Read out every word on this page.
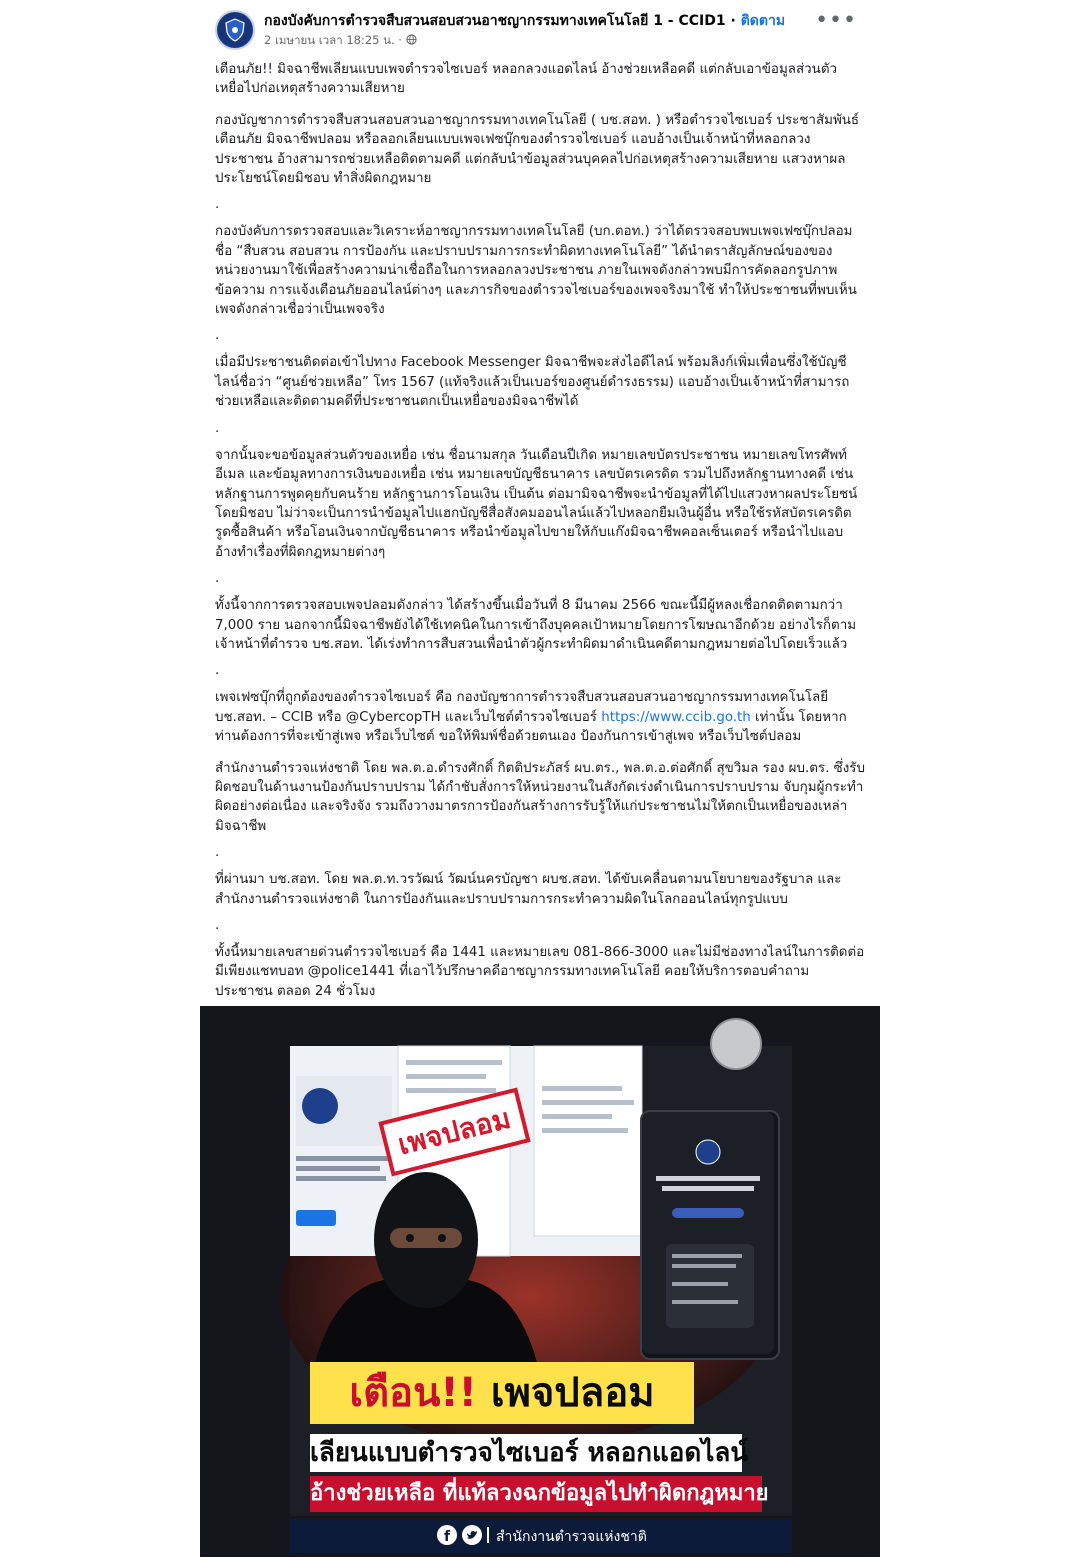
กองบังคับการตำรวจสืบสวนสอบสวนอาชญากรรมทางเทคโนโลยี 1 - CCID1 · ติดตาม
2 เมษายน เวลา 18:25 น. ·
•••

เตือนภัย!! มิจฉาชีพเลียนแบบเพจตำรวจไซเบอร์ หลอกลวงแอดไลน์ อ้างช่วยเหลือคดี แต่กลับเอาข้อมูลส่วนตัวเหยื่อไปก่อเหตุสร้างความเสียหาย

กองบัญชาการตำรวจสืบสวนสอบสวนอาชญากรรมทางเทคโนโลยี ( บช.สอท. ) หรือตำรวจไซเบอร์ ประชาสัมพันธ์เตือนภัย มิจฉาชีพปลอม หรือลอกเลียนแบบเพจเฟซบุ๊กของตำรวจไซเบอร์ แอบอ้างเป็นเจ้าหน้าที่หลอกลวงประชาชน อ้างสามารถช่วยเหลือติดตามคดี แต่กลับนำข้อมูลส่วนบุคคลไปก่อเหตุสร้างความเสียหาย แสวงหาผลประโยชน์โดยมิชอบ ทำสิ่งผิดกฎหมาย

.

กองบังคับการตรวจสอบและวิเคราะห์อาชญากรรมทางเทคโนโลยี (บก.ตอท.) ว่าได้ตรวจสอบพบเพจเฟซบุ๊กปลอมชื่อ “สืบสวน สอบสวน การป้องกัน และปราบปรามการกระทำผิดทางเทคโนโลยี” ได้นำตราสัญลักษณ์ของของหน่วยงานมาใช้เพื่อสร้างความน่าเชื่อถือในการหลอกลวงประชาชน ภายในเพจดังกล่าวพบมีการคัดลอกรูปภาพ ข้อความ การแจ้งเตือนภัยออนไลน์ต่างๆ และภารกิจของตำรวจไซเบอร์ของเพจจริงมาใช้ ทำให้ประชาชนที่พบเห็นเพจดังกล่าวเชื่อว่าเป็นเพจจริง

.

เมื่อมีประชาชนติดต่อเข้าไปทาง Facebook Messenger มิจฉาชีพจะส่งไอดีไลน์ พร้อมลิงก์เพิ่มเพื่อนซึ่งใช้บัญชีไลน์ชื่อว่า “ศูนย์ช่วยเหลือ” โทร 1567 (แท้จริงแล้วเป็นเบอร์ของศูนย์ดำรงธรรม) แอบอ้างเป็นเจ้าหน้าที่สามารถช่วยเหลือและติดตามคดีที่ประชาชนตกเป็นเหยื่อของมิจฉาชีพได้

.

จากนั้นจะขอข้อมูลส่วนตัวของเหยื่อ เช่น ชื่อนามสกุล วันเดือนปีเกิด หมายเลขบัตรประชาชน หมายเลขโทรศัพท์ อีเมล และข้อมูลทางการเงินของเหยื่อ เช่น หมายเลขบัญชีธนาคาร เลขบัตรเครดิต รวมไปถึงหลักฐานทางคดี เช่น หลักฐานการพูดคุยกับคนร้าย หลักฐานการโอนเงิน เป็นต้น ต่อมามิจฉาชีพจะนำข้อมูลที่ได้ไปแสวงหาผลประโยชน์โดยมิชอบ ไม่ว่าจะเป็นการนำข้อมูลไปแฮกบัญชีสื่อสังคมออนไลน์แล้วไปหลอกยืมเงินผู้อื่น หรือใช้รหัสบัตรเครดิตรูดซื้อสินค้า หรือโอนเงินจากบัญชีธนาคาร หรือนำข้อมูลไปขายให้กับแก๊งมิจฉาชีพคอลเซ็นเตอร์ หรือนำไปแอบอ้างทำเรื่องที่ผิดกฎหมายต่างๆ

.

ทั้งนี้จากการตรวจสอบเพจปลอมดังกล่าว ได้สร้างขึ้นเมื่อวันที่ 8 มีนาคม 2566 ขณะนี้มีผู้หลงเชื่อกดติดตามกว่า 7,000 ราย นอกจากนี้มิจฉาชีพยังได้ใช้เทคนิคในการเข้าถึงบุคคลเป้าหมายโดยการโฆษณาอีกด้วย อย่างไรก็ตามเจ้าหน้าที่ตำรวจ บช.สอท. ได้เร่งทำการสืบสวนเพื่อนำตัวผู้กระทำผิดมาดำเนินคดีตามกฎหมายต่อไปโดยเร็วแล้ว

.

เพจเฟซบุ๊กที่ถูกต้องของตำรวจไซเบอร์ คือ กองบัญชาการตำรวจสืบสวนสอบสวนอาชญากรรมทางเทคโนโลยี บช.สอท. – CCIB หรือ @CybercopTH และเว็บไซต์ตำรวจไซเบอร์ https://www.ccib.go.th เท่านั้น โดยหากท่านต้องการที่จะเข้าสู่เพจ หรือเว็บไซต์ ขอให้พิมพ์ชื่อด้วยตนเอง ป้องกันการเข้าสู่เพจ หรือเว็บไซต์ปลอม

สำนักงานตำรวจแห่งชาติ โดย พล.ต.อ.ดำรงศักดิ์ กิตติประภัสร์ ผบ.ตร., พล.ต.อ.ต่อศักดิ์ สุขวิมล รอง ผบ.ตร. ซึ่งรับผิดชอบในด้านงานป้องกันปราบปราม ได้กำชับสั่งการให้หน่วยงานในสังกัดเร่งดำเนินการปราบปราม จับกุมผู้กระทำผิดอย่างต่อเนื่อง และจริงจัง รวมถึงวางมาตรการป้องกันสร้างการรับรู้ให้แก่ประชาชนไม่ให้ตกเป็นเหยื่อของเหล่ามิจฉาชีพ

.

ที่ผ่านมา บช.สอท. โดย พล.ต.ท.วรวัฒน์ วัฒน์นครบัญชา ผบช.สอท. ได้ขับเคลื่อนตามนโยบายของรัฐบาล และสำนักงานตำรวจแห่งชาติ ในการป้องกันและปราบปรามการกระทำความผิดในโลกออนไลน์ทุกรูปแบบ

.

ทั้งนี้หมายเลขสายด่วนตำรวจไซเบอร์ คือ 1441 และหมายเลข 081-866-3000 และไม่มีช่องทางไลน์ในการติดต่อ มีเพียงแชทบอท @police1441 ที่เอาไว้ปรึกษาคดีอาชญากรรมทางเทคโนโลยี คอยให้บริการตอบคำถามประชาชน ตลอด 24 ชั่วโมง

เพจปลอม
เตือน!! เพจปลอม
เลียนแบบตำรวจไซเบอร์ หลอกแอดไลน์
อ้างช่วยเหลือ ที่แท้ลวงฉกข้อมูลไปทำผิดกฎหมาย
f	สำนักงานตำรวจแห่งชาติ
